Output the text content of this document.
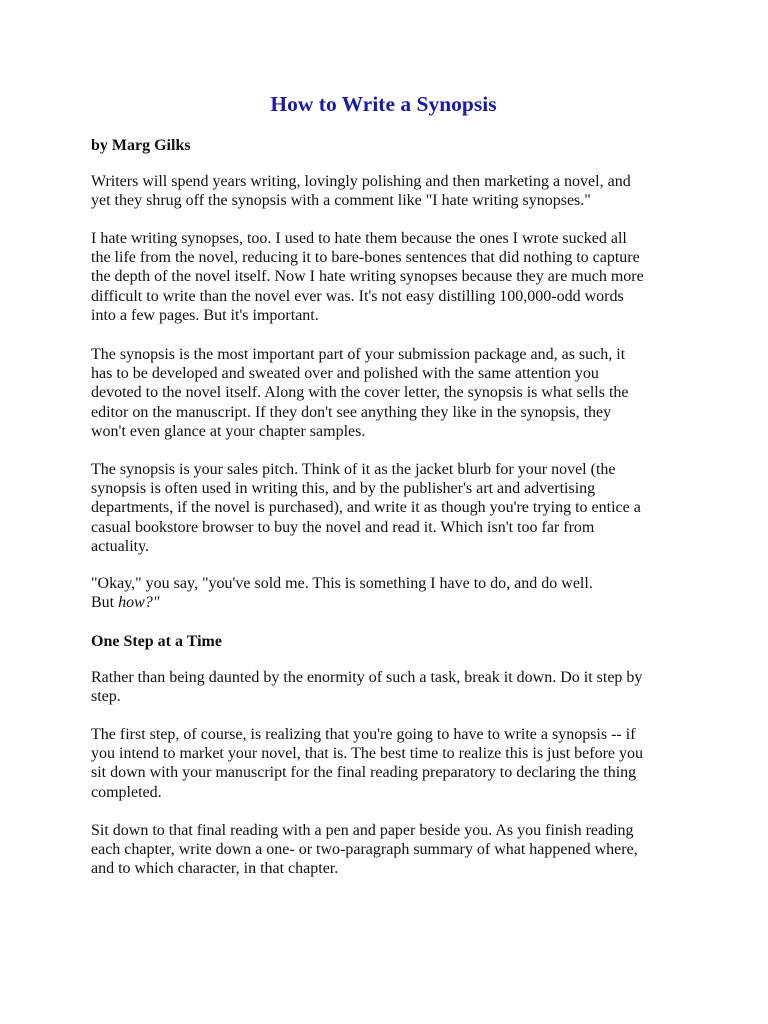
How to Write a Synopsis

by Marg Gilks

Writers will spend years writing, lovingly polishing and then marketing a novel, and
yet they shrug off the synopsis with a comment like "I hate writing synopses."

I hate writing synopses, too. I used to hate them because the ones I wrote sucked all
the life from the novel, reducing it to bare-bones sentences that did nothing to capture
the depth of the novel itself. Now I hate writing synopses because they are much more
difficult to write than the novel ever was. It's not easy distilling 100,000-odd words
into a few pages. But it's important.

The synopsis is the most important part of your submission package and, as such, it
has to be developed and sweated over and polished with the same attention you
devoted to the novel itself. Along with the cover letter, the synopsis is what sells the
editor on the manuscript. If they don't see anything they like in the synopsis, they
won't even glance at your chapter samples.

The synopsis is your sales pitch. Think of it as the jacket blurb for your novel (the
synopsis is often used in writing this, and by the publisher's art and advertising
departments, if the novel is purchased), and write it as though you're trying to entice a
casual bookstore browser to buy the novel and read it. Which isn't too far from
actuality.

"Okay," you say, "you've sold me. This is something I have to do, and do well.
But how?"

One Step at a Time

Rather than being daunted by the enormity of such a task, break it down. Do it step by
step.

The first step, of course, is realizing that you're going to have to write a synopsis -- if
you intend to market your novel, that is. The best time to realize this is just before you
sit down with your manuscript for the final reading preparatory to declaring the thing
completed.

Sit down to that final reading with a pen and paper beside you. As you finish reading
each chapter, write down a one- or two-paragraph summary of what happened where,
and to which character, in that chapter.
